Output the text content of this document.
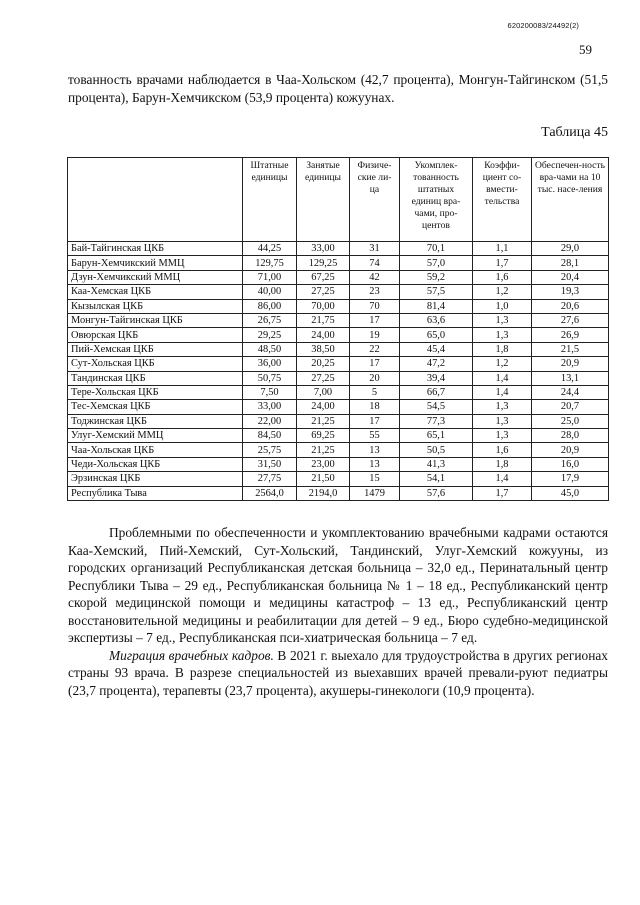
620200083/24492(2)
59

тованность врачами наблюдается в Чаа-Хольском (42,7 процента), Монгун-Тайгинском (51,5 процента), Барун-Хемчикском (53,9 процента) кожуунах.

Таблица 45
	Штатные единицы	Занятые единицы	Физиче-ские ли-ца	Укомплек-тованность штатных единиц вра-чами, про-центов	Коэффи-циент со-вмести-тельства	Обеспечен-ность вра-чами на 10 тыс. насе-ления
Бай-Тайгинская ЦКБ	44,25	33,00	31	70,1	1,1	29,0
Барун-Хемчикский ММЦ	129,75	129,25	74	57,0	1,7	28,1
Дзун-Хемчикский ММЦ	71,00	67,25	42	59,2	1,6	20,4
Каа-Хемская ЦКБ	40,00	27,25	23	57,5	1,2	19,3
Кызылская ЦКБ	86,00	70,00	70	81,4	1,0	20,6
Монгун-Тайгинская ЦКБ	26,75	21,75	17	63,6	1,3	27,6
Овюрская ЦКБ	29,25	24,00	19	65,0	1,3	26,9
Пий-Хемская ЦКБ	48,50	38,50	22	45,4	1,8	21,5
Сут-Хольская ЦКБ	36,00	20,25	17	47,2	1,2	20,9
Тандинская ЦКБ	50,75	27,25	20	39,4	1,4	13,1
Тере-Хольская ЦКБ	7,50	7,00	5	66,7	1,4	24,4
Тес-Хемская ЦКБ	33,00	24,00	18	54,5	1,3	20,7
Тоджинская ЦКБ	22,00	21,25	17	77,3	1,3	25,0
Улуг-Хемский ММЦ	84,50	69,25	55	65,1	1,3	28,0
Чаа-Хольская ЦКБ	25,75	21,25	13	50,5	1,6	20,9
Чеди-Хольская ЦКБ	31,50	23,00	13	41,3	1,8	16,0
Эрзинская ЦКБ	27,75	21,50	15	54,1	1,4	17,9
Республика Тыва	2564,0	2194,0	1479	57,6	1,7	45,0

Проблемными по обеспеченности и укомплектованию врачебными кадрами остаются Каа-Хемский, Пий-Хемский, Сут-Хольский, Тандинский, Улуг-Хемский кожууны, из городских организаций Республиканская детская больница – 32,0 ед., Перинатальный центр Республики Тыва – 29 ед., Республиканская больница № 1 – 18 ед., Республиканский центр скорой медицинской помощи и медицины катастроф – 13 ед., Республиканский центр восстановительной медицины и реабилитации для детей – 9 ед., Бюро судебно-медицинской экспертизы – 7 ед., Республиканская пси-хиатрическая больница – 7 ед.

Миграция врачебных кадров. В 2021 г. выехало для трудоустройства в других регионах страны 93 врача. В разрезе специальностей из выехавших врачей превали-руют педиатры (23,7 процента), терапевты (23,7 процента), акушеры-гинекологи (10,9 процента).
